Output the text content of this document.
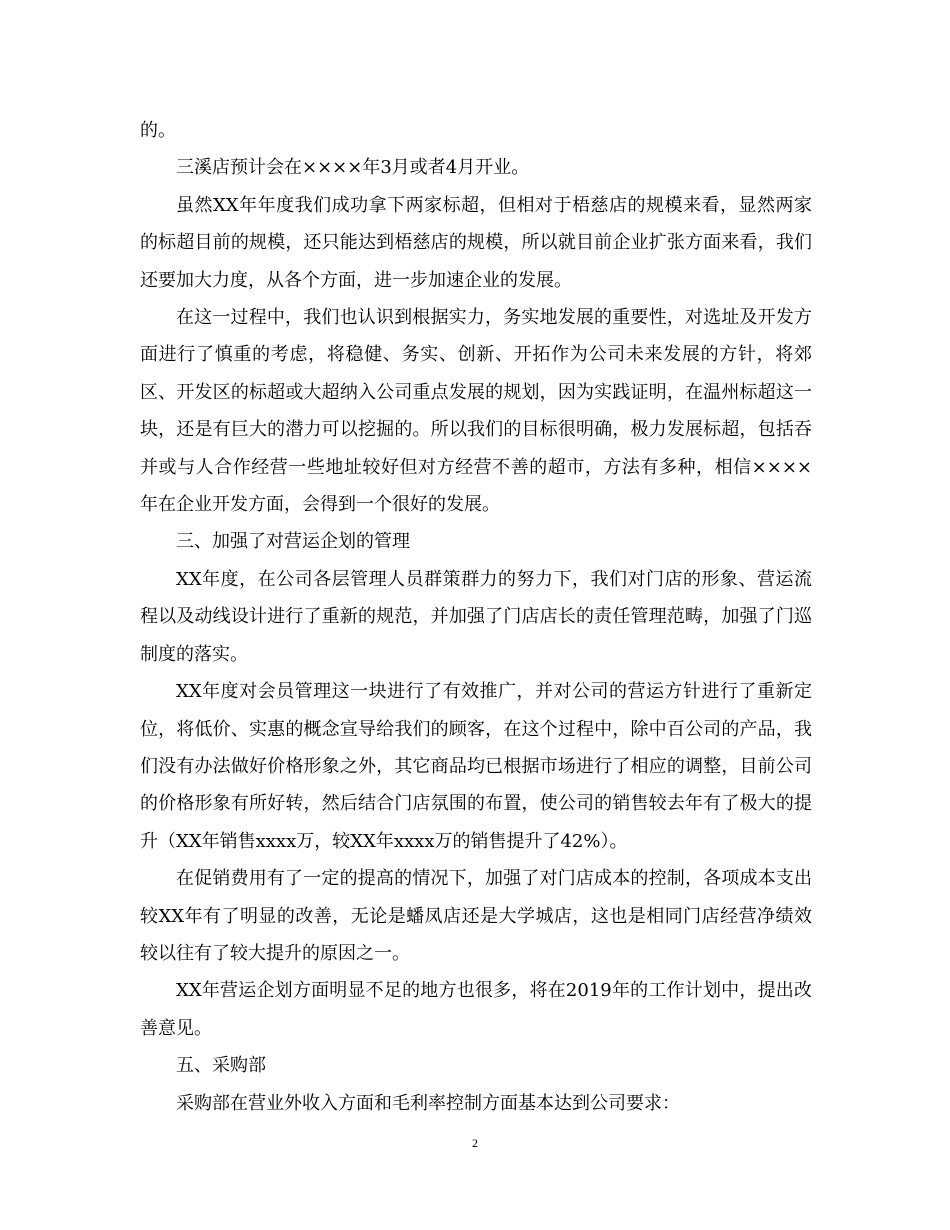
的。

三溪店预计会在××××年3月或者4月开业。

虽然XX年年度我们成功拿下两家标超，但相对于梧慈店的规模来看，显然两家的标超目前的规模，还只能达到梧慈店的规模，所以就目前企业扩张方面来看，我们还要加大力度，从各个方面，进一步加速企业的发展。

在这一过程中，我们也认识到根据实力，务实地发展的重要性，对选址及开发方面进行了慎重的考虑，将稳健、务实、创新、开拓作为公司未来发展的方针，将郊区、开发区的标超或大超纳入公司重点发展的规划，因为实践证明，在温州标超这一块，还是有巨大的潜力可以挖掘的。所以我们的目标很明确，极力发展标超，包括吞并或与人合作经营一些地址较好但对方经营不善的超市，方法有多种，相信××××年在企业开发方面，会得到一个很好的发展。

三、加强了对营运企划的管理

XX年度，在公司各层管理人员群策群力的努力下，我们对门店的形象、营运流程以及动线设计进行了重新的规范，并加强了门店店长的责任管理范畴，加强了门巡制度的落实。

XX年度对会员管理这一块进行了有效推广，并对公司的营运方针进行了重新定位，将低价、实惠的概念宣导给我们的顾客，在这个过程中，除中百公司的产品，我们没有办法做好价格形象之外，其它商品均已根据市场进行了相应的调整，目前公司的价格形象有所好转，然后结合门店氛围的布置，使公司的销售较去年有了极大的提升（XX年销售xxxx万，较XX年xxxx万的销售提升了42%）。

在促销费用有了一定的提高的情况下，加强了对门店成本的控制，各项成本支出较XX年有了明显的改善，无论是蟠凤店还是大学城店，这也是相同门店经营净绩效较以往有了较大提升的原因之一。

XX年营运企划方面明显不足的地方也很多，将在2019年的工作计划中，提出改善意见。

五、采购部

采购部在营业外收入方面和毛利率控制方面基本达到公司要求：

2
